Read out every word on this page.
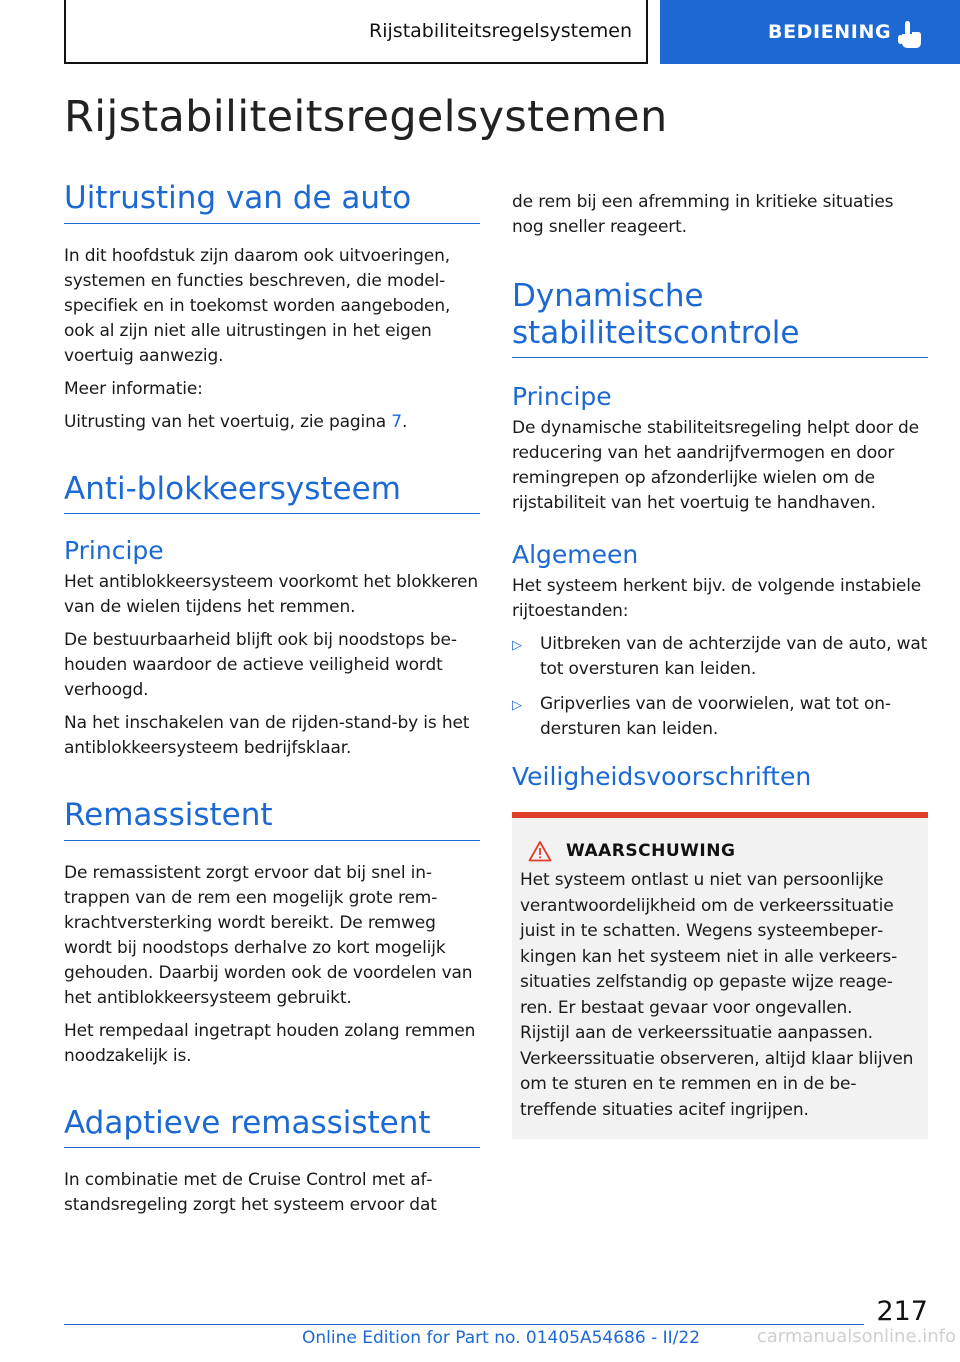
Rijstabiliteitsregelsystemen	BEDIENING
Rijstabiliteitsregelsystemen
Uitrusting van de auto

In dit hoofdstuk zijn daarom ook uitvoeringen, systemen en functies beschreven, die modelspecifiek en in toekomst worden aangeboden, ook al zijn niet alle uitrustingen in het eigen voertuig aanwezig.

Meer informatie:

Uitrusting van het voertuig, zie pagina 7.

Anti-blokkeersysteem
Principe

Het antiblokkeersysteem voorkomt het blokkeren van de wielen tijdens het remmen.

De bestuurbaarheid blijft ook bij noodstops behouden waardoor de actieve veiligheid wordt verhoogd.

Na het inschakelen van de rijden-stand-by is het antiblokkeersysteem bedrijfsklaar.

Remassistent

De remassistent zorgt ervoor dat bij snel intrappen van de rem een mogelijk grote remkrachtversterking wordt bereikt. De remweg wordt bij noodstops derhalve zo kort mogelijk gehouden. Daarbij worden ook de voordelen van het antiblokkeersysteem gebruikt.

Het rempedaal ingetrapt houden zolang remmen noodzakelijk is.

Adaptieve remassistent

In combinatie met de Cruise Control met afstandsregeling zorgt het systeem ervoor dat

de rem bij een afremming in kritieke situaties nog sneller reageert.

Dynamische stabiliteitscontrole
Principe

De dynamische stabiliteitsregeling helpt door de reducering van het aandrijfvermogen en door remingrepen op afzonderlijke wielen om de rijstabiliteit van het voertuig te handhaven.

Algemeen

Het systeem herkent bijv. de volgende instabiele rijtoestanden:

▷	Uitbreken van de achterzijde van de auto, wat tot oversturen kan leiden.
▷	Gripverlies van de voorwielen, wat tot ondersturen kan leiden.
Veiligheidsvoorschriften
WAARSCHUWING

Het systeem ontlast u niet van persoonlijke verantwoordelijkheid om de verkeerssituatie juist in te schatten. Wegens systeembeperkingen kan het systeem niet in alle verkeerssituaties zelfstandig op gepaste wijze reageren. Er bestaat gevaar voor ongevallen.

Rijstijl aan de verkeerssituatie aanpassen. Verkeerssituatie observeren, altijd klaar blijven om te sturen en te remmen en in de betreffende situaties acitef ingrijpen.

217
Online Edition for Part no. 01405A54686 - II/22	carmanualsonline.info
